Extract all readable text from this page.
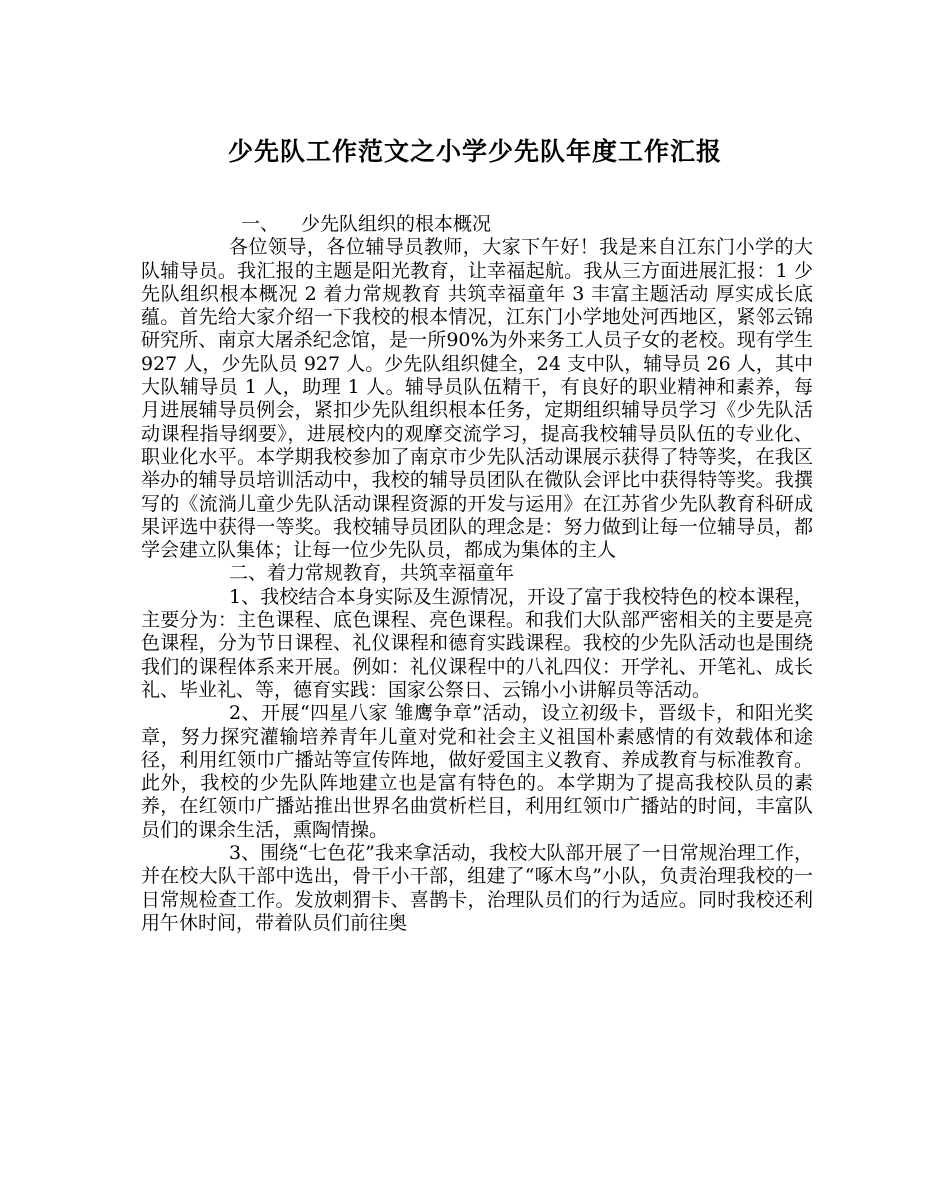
少先队工作范文之小学少先队年度工作汇报

一、 少先队组织的根本概况

各位领导，各位辅导员教师，大家下午好！我是来自江东门小学的大队辅导员。我汇报的主题是阳光教育，让幸福起航。我从三方面进展汇报：1 少先队组织根本概况 2 着力常规教育 共筑幸福童年 3 丰富主题活动 厚实成长底蕴。首先给大家介绍一下我校的根本情况，江东门小学地处河西地区，紧邻云锦研究所、南京大屠杀纪念馆，是一所90%为外来务工人员子女的老校。现有学生 927 人，少先队员 927 人。少先队组织健全，24 支中队，辅导员 26 人，其中大队辅导员 1 人，助理 1 人。辅导员队伍精干，有良好的职业精神和素养，每月进展辅导员例会，紧扣少先队组织根本任务，定期组织辅导员学习《少先队活动课程指导纲要》，进展校内的观摩交流学习，提高我校辅导员队伍的专业化、职业化水平。本学期我校参加了南京市少先队活动课展示获得了特等奖，在我区举办的辅导员培训活动中，我校的辅导员团队在微队会评比中获得特等奖。我撰写的《流淌儿童少先队活动课程资源的开发与运用》在江苏省少先队教育科研成果评选中获得一等奖。我校辅导员团队的理念是：努力做到让每一位辅导员，都学会建立队集体；让每一位少先队员，都成为集体的主人

二、着力常规教育，共筑幸福童年

1、我校结合本身实际及生源情况，开设了富于我校特色的校本课程，主要分为：主色课程、底色课程、亮色课程。和我们大队部严密相关的主要是亮色课程，分为节日课程、礼仪课程和德育实践课程。我校的少先队活动也是围绕我们的课程体系来开展。例如：礼仪课程中的八礼四仪：开学礼、开笔礼、成长礼、毕业礼、等，德育实践：国家公祭日、云锦小小讲解员等活动。

2、开展“四星八家 雏鹰争章”活动，设立初级卡，晋级卡，和阳光奖章，努力探究灌输培养青年儿童对党和社会主义祖国朴素感情的有效载体和途径，利用红领巾广播站等宣传阵地，做好爱国主义教育、养成教育与标准教育。此外，我校的少先队阵地建立也是富有特色的。本学期为了提高我校队员的素养，在红领巾广播站推出世界名曲赏析栏目，利用红领巾广播站的时间，丰富队员们的课余生活，熏陶情操。

3、围绕“七色花”我来拿活动，我校大队部开展了一日常规治理工作，并在校大队干部中选出，骨干小干部，组建了“啄木鸟”小队，负责治理我校的一日常规检查工作。发放刺猬卡、喜鹊卡，治理队员们的行为适应。同时我校还利用午休时间，带着队员们前往奥
